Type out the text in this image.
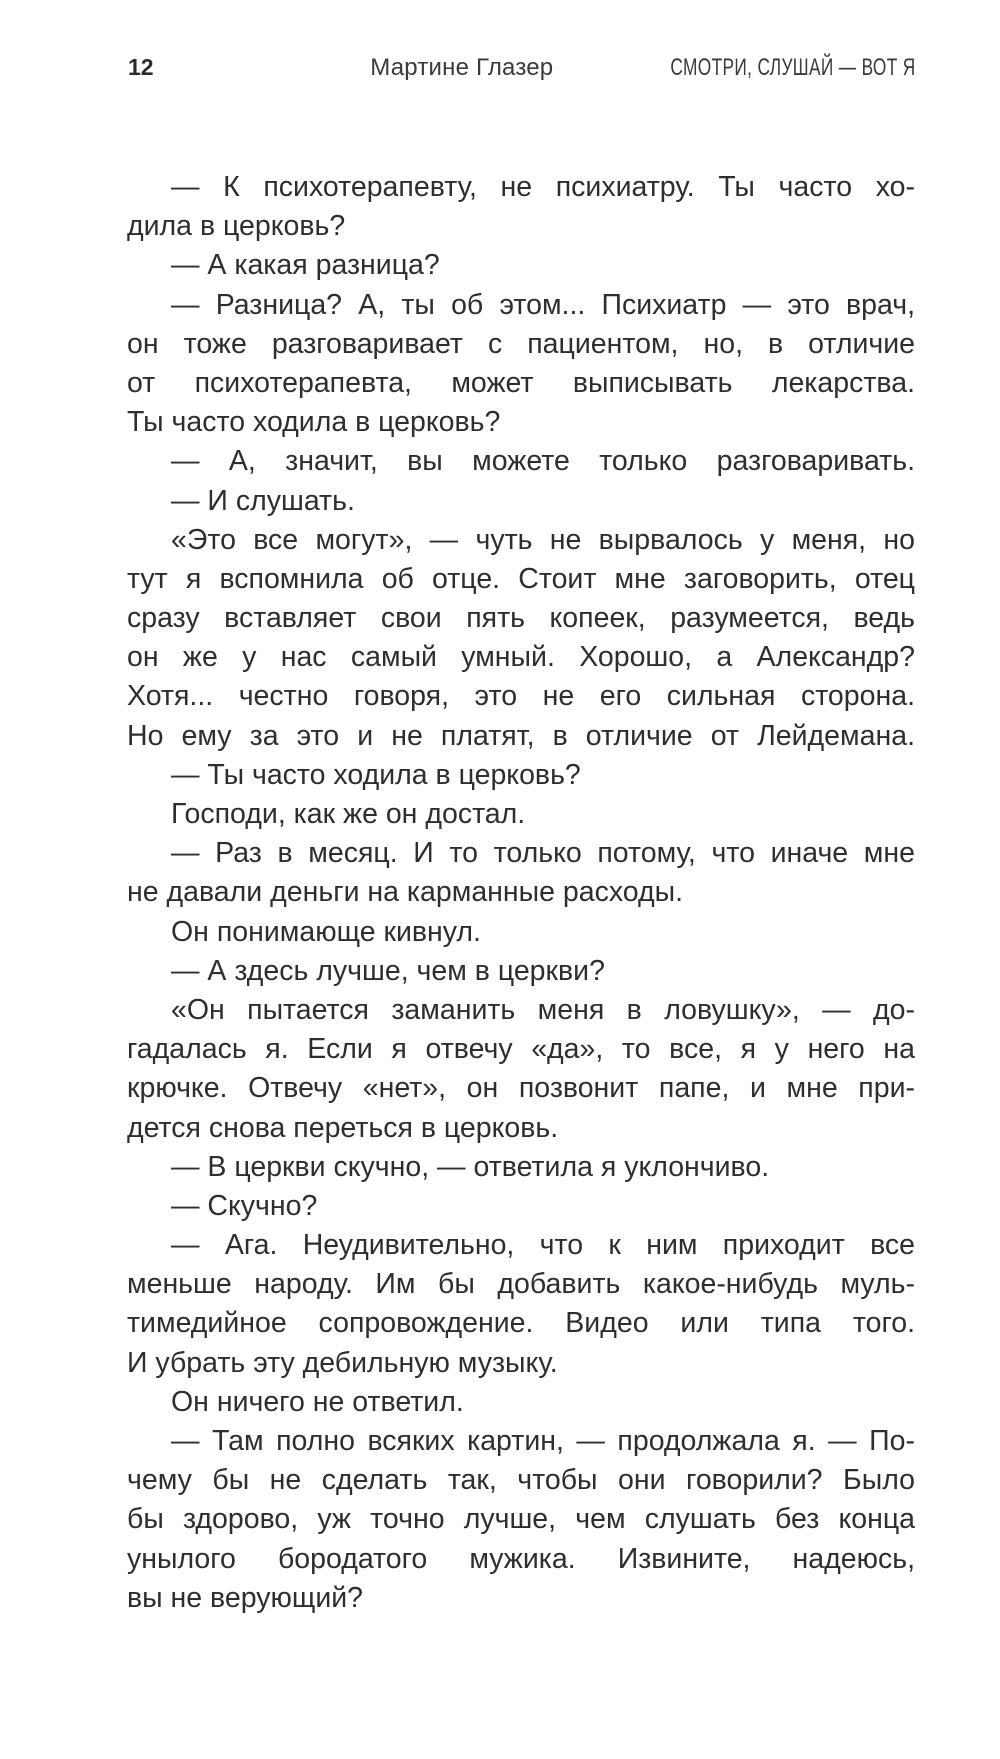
12	Мартине Глазер	СМОТРИ, СЛУШАЙ — ВОТ Я
— К психотерапевту, не психиатру. Ты часто хо-
дила в церковь?
— А какая разница?
— Разница? А, ты об этом... Психиатр — это врач,
он тоже разговаривает с пациентом, но, в отличие
от психотерапевта, может выписывать лекарства.
Ты часто ходила в церковь?
— А, значит, вы можете только разговаривать.
— И слушать.
«Это все могут», — чуть не вырвалось у меня, но
тут я вспомнила об отце. Стоит мне заговорить, отец
сразу вставляет свои пять копеек, разумеется, ведь
он же у нас самый умный. Хорошо, а Александр?
Хотя... честно говоря, это не его сильная сторона.
Но ему за это и не платят, в отличие от Лейдемана.
— Ты часто ходила в церковь?
Господи, как же он достал.
— Раз в месяц. И то только потому, что иначе мне
не давали деньги на карманные расходы.
Он понимающе кивнул.
— А здесь лучше, чем в церкви?
«Он пытается заманить меня в ловушку», — до-
гадалась я. Если я отвечу «да», то все, я у него на
крючке. Отвечу «нет», он позвонит папе, и мне при-
дется снова переться в церковь.
— В церкви скучно, — ответила я уклончиво.
— Скучно?
— Ага. Неудивительно, что к ним приходит все
меньше народу. Им бы добавить какое-нибудь муль-
тимедийное сопровождение. Видео или типа того.
И убрать эту дебильную музыку.
Он ничего не ответил.
— Там полно всяких картин, — продолжала я. — По-
чему бы не сделать так, чтобы они говорили? Было
бы здорово, уж точно лучше, чем слушать без конца
унылого бородатого мужика. Извините, надеюсь,
вы не верующий?
